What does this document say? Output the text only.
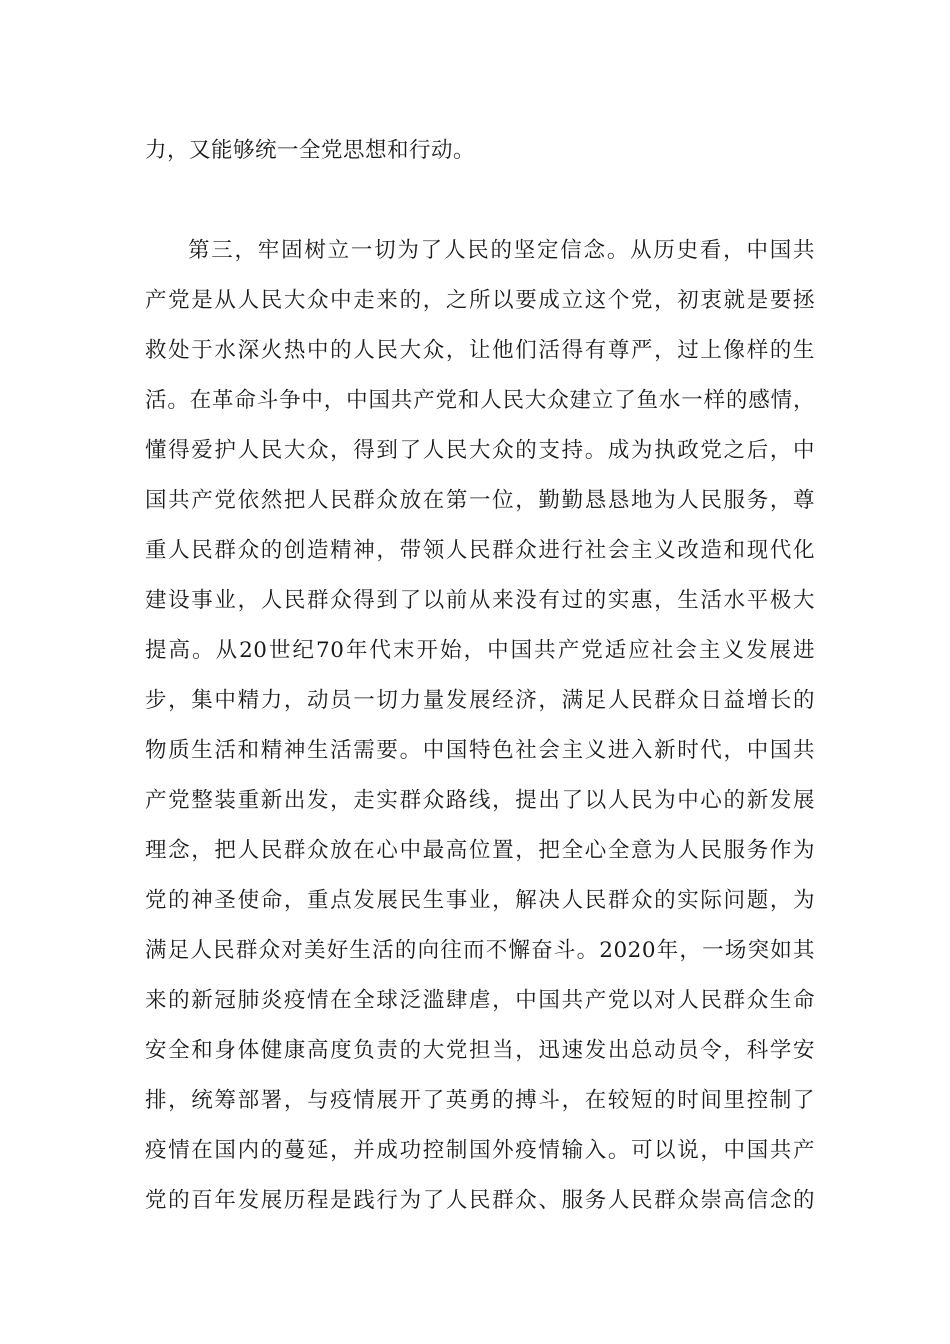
力，又能够统一全党思想和行动。
第三，牢固树立一切为了人民的坚定信念。从历史看，中国共
产党是从人民大众中走来的，之所以要成立这个党，初衷就是要拯
救处于水深火热中的人民大众，让他们活得有尊严，过上像样的生
活。在革命斗争中，中国共产党和人民大众建立了鱼水一样的感情，
懂得爱护人民大众，得到了人民大众的支持。成为执政党之后，中
国共产党依然把人民群众放在第一位，勤勤恳恳地为人民服务，尊
重人民群众的创造精神，带领人民群众进行社会主义改造和现代化
建设事业，人民群众得到了以前从来没有过的实惠，生活水平极大
提高。从20世纪70年代末开始，中国共产党适应社会主义发展进
步，集中精力，动员一切力量发展经济，满足人民群众日益增长的
物质生活和精神生活需要。中国特色社会主义进入新时代，中国共
产党整装重新出发，走实群众路线，提出了以人民为中心的新发展
理念，把人民群众放在心中最高位置，把全心全意为人民服务作为
党的神圣使命，重点发展民生事业，解决人民群众的实际问题，为
满足人民群众对美好生活的向往而不懈奋斗。2020年，一场突如其
来的新冠肺炎疫情在全球泛滥肆虐，中国共产党以对人民群众生命
安全和身体健康高度负责的大党担当，迅速发出总动员令，科学安
排，统筹部署，与疫情展开了英勇的搏斗，在较短的时间里控制了
疫情在国内的蔓延，并成功控制国外疫情输入。可以说，中国共产
党的百年发展历程是践行为了人民群众、服务人民群众崇高信念的
